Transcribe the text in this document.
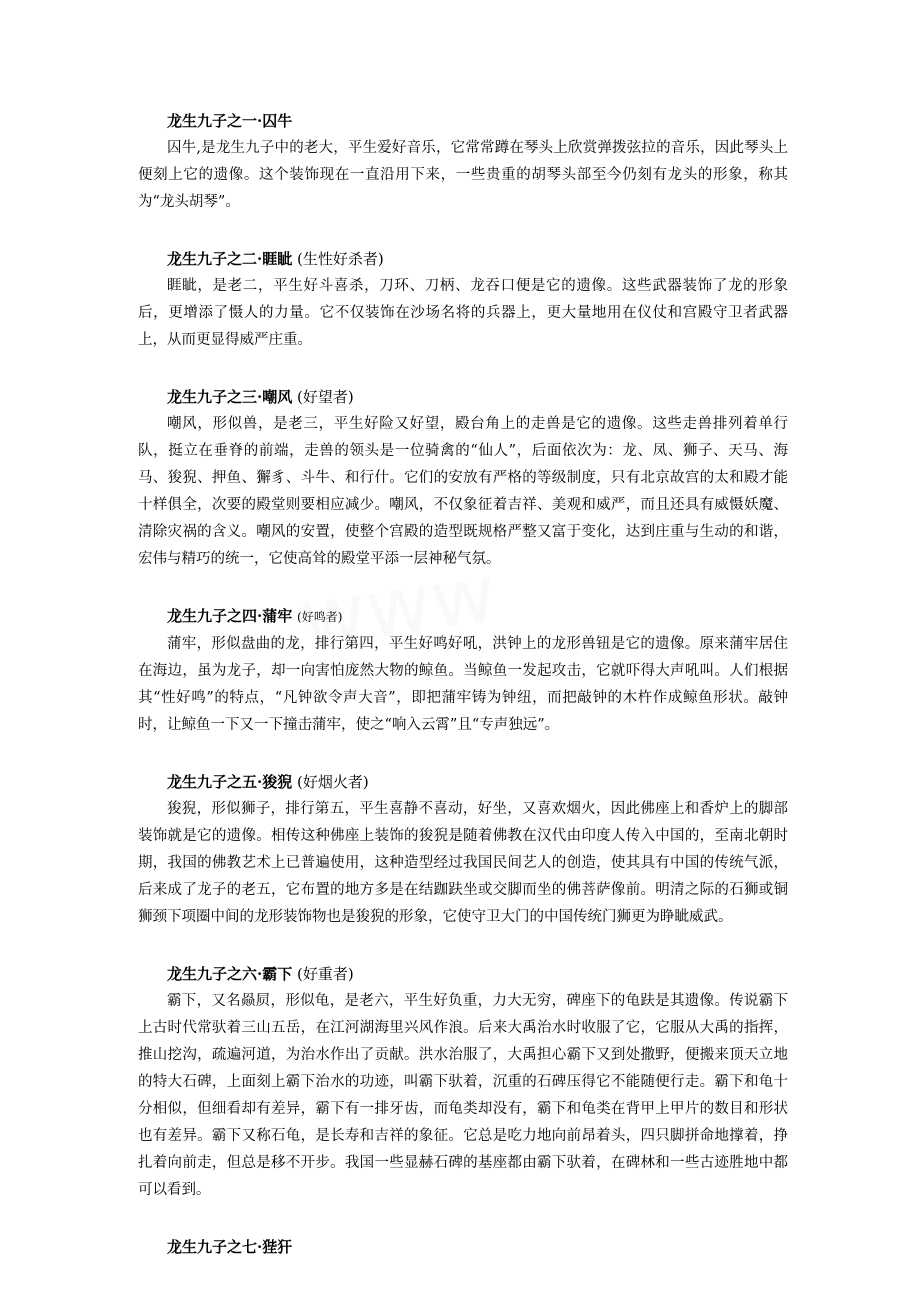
龙生九子之一·囚牛
囚牛,是龙生九子中的老大，平生爱好音乐，它常常蹲在琴头上欣赏弹拨弦拉的音乐，因此琴头上便刻上它的遗像。这个装饰现在一直沿用下来，一些贵重的胡琴头部至今仍刻有龙头的形象，称其为“龙头胡琴”。
龙生九子之二·睚眦 (生性好杀者)
睚眦，是老二，平生好斗喜杀，刀环、刀柄、龙吞口便是它的遗像。这些武器装饰了龙的形象后，更增添了慑人的力量。它不仅装饰在沙场名将的兵器上，更大量地用在仪仗和宫殿守卫者武器上，从而更显得威严庄重。
龙生九子之三·嘲风 (好望者)
嘲风，形似兽，是老三，平生好险又好望，殿台角上的走兽是它的遗像。这些走兽排列着单行队，挺立在垂脊的前端，走兽的领头是一位骑禽的“仙人”，后面依次为：龙、凤、狮子、天马、海马、狻猊、押鱼、獬豸、斗牛、和行什。它们的安放有严格的等级制度，只有北京故宫的太和殿才能十样俱全，次要的殿堂则要相应减少。嘲风，不仅象征着吉祥、美观和威严，而且还具有威慑妖魔、清除灾祸的含义。嘲风的安置，使整个宫殿的造型既规格严整又富于变化，达到庄重与生动的和谐，宏伟与精巧的统一，它使高耸的殿堂平添一层神秘气氛。
龙生九子之四·蒲牢 (好鸣者)
蒲牢，形似盘曲的龙，排行第四，平生好鸣好吼，洪钟上的龙形兽钮是它的遗像。原来蒲牢居住在海边，虽为龙子，却一向害怕庞然大物的鲸鱼。当鲸鱼一发起攻击，它就吓得大声吼叫。人们根据其“性好鸣”的特点，“凡钟欲令声大音”，即把蒲牢铸为钟纽，而把敲钟的木杵作成鲸鱼形状。敲钟时，让鲸鱼一下又一下撞击蒲牢，使之“响入云霄”且“专声独远”。
龙生九子之五·狻猊 (好烟火者)
狻猊，形似狮子，排行第五，平生喜静不喜动，好坐，又喜欢烟火，因此佛座上和香炉上的脚部装饰就是它的遗像。相传这种佛座上装饰的狻猊是随着佛教在汉代由印度人传入中国的，至南北朝时期，我国的佛教艺术上已普遍使用，这种造型经过我国民间艺人的创造，使其具有中国的传统气派，后来成了龙子的老五，它布置的地方多是在结跏趺坐或交脚而坐的佛菩萨像前。明清之际的石狮或铜狮颈下项圈中间的龙形装饰物也是狻猊的形象，它使守卫大门的中国传统门狮更为睁眦威武。
龙生九子之六·霸下 (好重者)
霸下，又名赑屃，形似龟，是老六，平生好负重，力大无穷，碑座下的龟趺是其遗像。传说霸下上古时代常驮着三山五岳，在江河湖海里兴风作浪。后来大禹治水时收服了它，它服从大禹的指挥，推山挖沟，疏遍河道，为治水作出了贡献。洪水治服了，大禹担心霸下又到处撒野，便搬来顶天立地的特大石碑，上面刻上霸下治水的功迹，叫霸下驮着，沉重的石碑压得它不能随便行走。霸下和龟十分相似，但细看却有差异，霸下有一排牙齿，而龟类却没有，霸下和龟类在背甲上甲片的数目和形状也有差异。霸下又称石龟，是长寿和吉祥的象征。它总是吃力地向前昂着头，四只脚拼命地撑着，挣扎着向前走，但总是移不开步。我国一些显赫石碑的基座都由霸下驮着，在碑林和一些古迹胜地中都可以看到。
龙生九子之七·狴犴
